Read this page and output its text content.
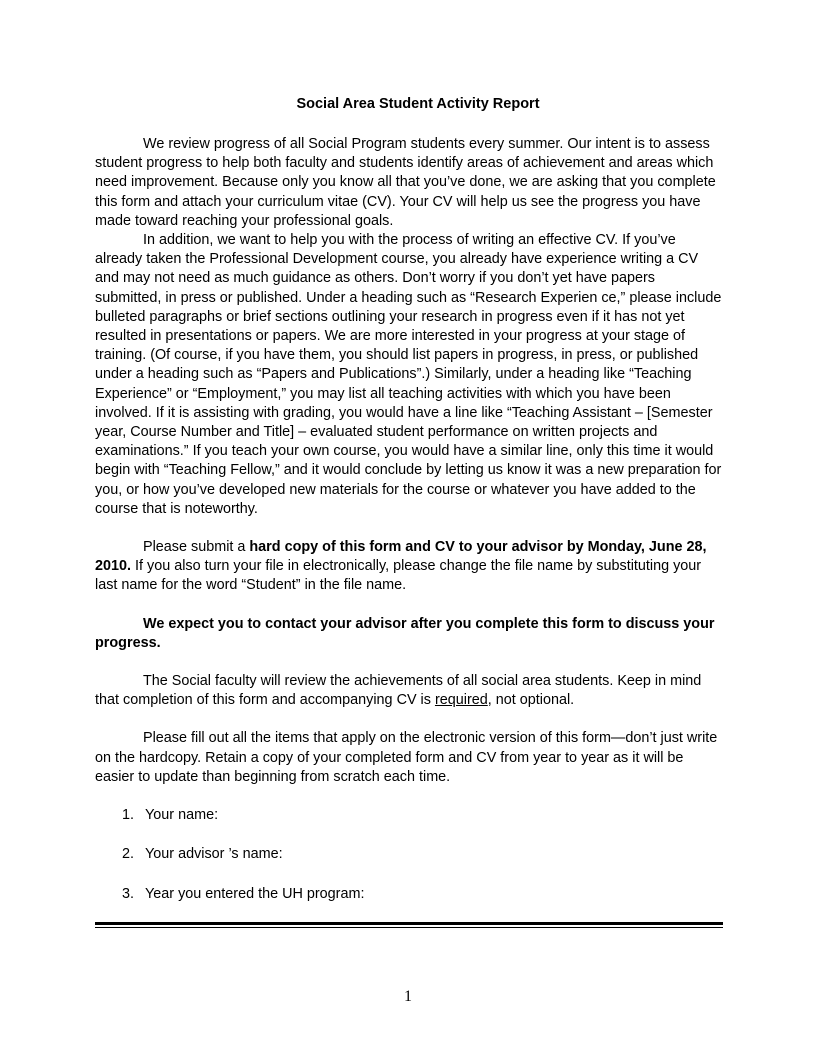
Social Area Student Activity Report

We review progress of all Social Program students every summer. Our intent is to assess student progress to help both faculty and students identify areas of achievement and areas which need improvement. Because only you know all that you’ve done, we are asking that you complete this form and attach your curriculum vitae (CV). Your CV will help us see the progress you have made toward reaching your professional goals.

In addition, we want to help you with the process of writing an effective CV. If you’ve already taken the Professional Development course, you already have experience writing a CV and may not need as much guidance as others. Don’t worry if you don’t yet have papers submitted, in press or published. Under a heading such as “Research Experien ce,” please include bulleted paragraphs or brief sections outlining your research in progress even if it has not yet resulted in presentations or papers. We are more interested in your progress at your stage of training. (Of course, if you have them, you should list papers in progress, in press, or published under a heading such as “Papers and Publications”.) Similarly, under a heading like “Teaching Experience” or “Employment,” you may list all teaching activities with which you have been involved. If it is assisting with grading, you would have a line like “Teaching Assistant – [Semester year, Course Number and Title] – evaluated student performance on written projects and examinations.” If you teach your own course, you would have a similar line, only this time it would begin with “Teaching Fellow,” and it would conclude by letting us know it was a new preparation for you, or how you’ve developed new materials for the course or whatever you have added to the course that is noteworthy.

Please submit a hard copy of this form and CV to your advisor by Monday, June 28, 2010. If you also turn your file in electronically, please change the file name by substituting your last name for the word “Student” in the file name.

We expect you to contact your advisor after you complete this form to discuss your progress.

The Social faculty will review the achievements of all social area students. Keep in mind that completion of this form and accompanying CV is required, not optional.

Please fill out all the items that apply on the electronic version of this form—don’t just write on the hardcopy. Retain a copy of your completed form and CV from year to year as it will be easier to update than beginning from scratch each time.

1. Your name:
2. Your advisor ’s name:
3. Year you entered the UH program:
1
